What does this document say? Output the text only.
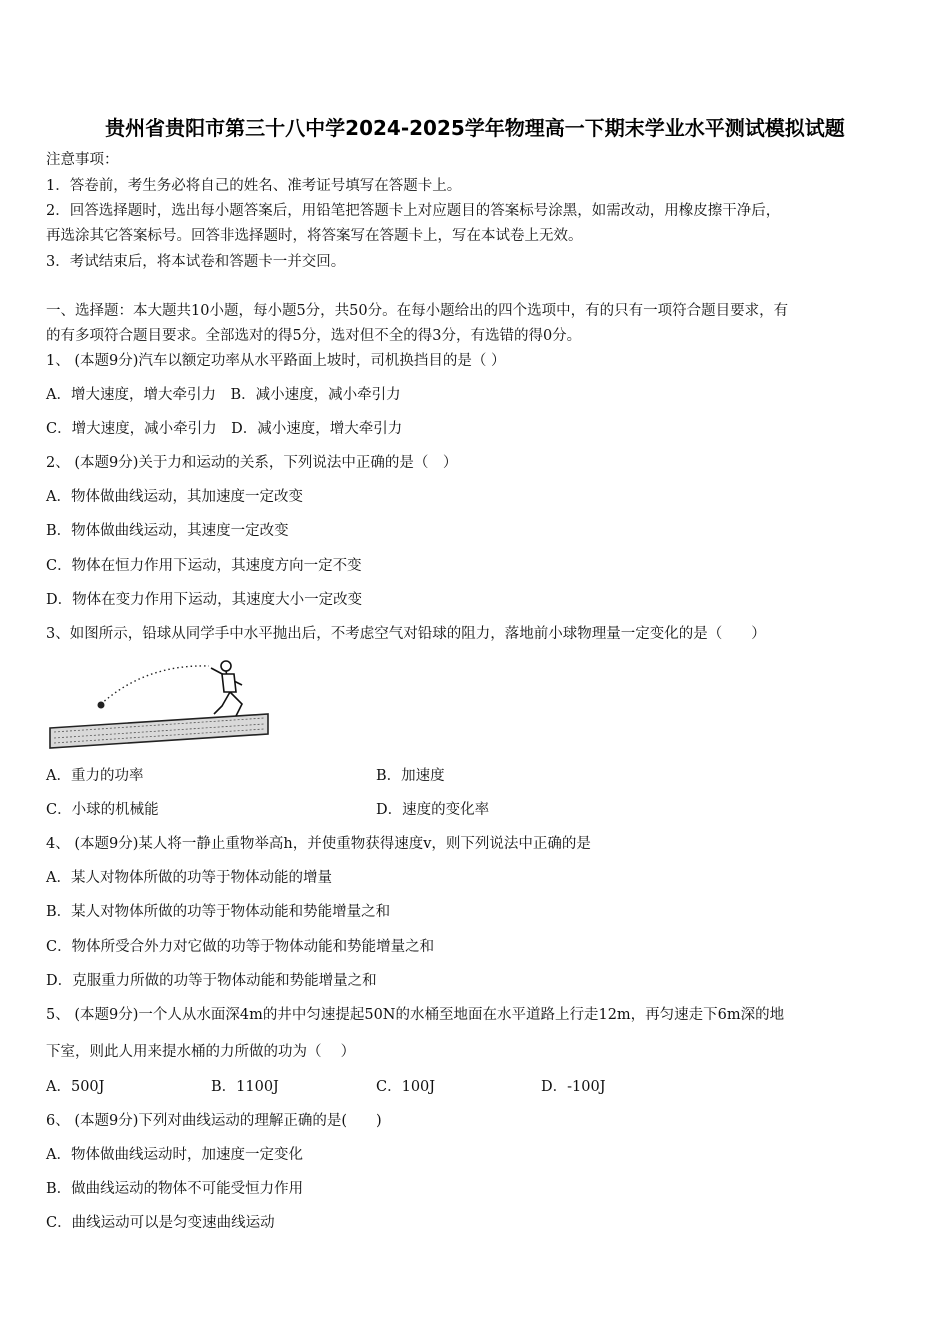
贵州省贵阳市第三十八中学2024-2025学年物理高一下期末学业水平测试模拟试题
注意事项：
1．答卷前，考生务必将自己的姓名、准考证号填写在答题卡上。
2．回答选择题时，选出每小题答案后，用铅笔把答题卡上对应题目的答案标号涂黑，如需改动，用橡皮擦干净后，
再选涂其它答案标号。回答非选择题时，将答案写在答题卡上，写在本试卷上无效。
3．考试结束后，将本试卷和答题卡一并交回。
一、选择题：本大题共10小题，每小题5分，共50分。在每小题给出的四个选项中，有的只有一项符合题目要求，有
的有多项符合题目要求。全部选对的得5分，选对但不全的得3分，有选错的得0分。
1、 (本题9分)汽车以额定功率从水平路面上坡时，司机换挡目的是（ ）
A．增大速度，增大牵引力　B．减小速度，减小牵引力
C．增大速度，减小牵引力　D．减小速度，增大牵引力
2、 (本题9分)关于力和运动的关系，下列说法中正确的是（　）
A．物体做曲线运动，其加速度一定改变
B．物体做曲线运动，其速度一定改变
C．物体在恒力作用下运动，其速度方向一定不变
D．物体在变力作用下运动，其速度大小一定改变
3、如图所示，铅球从同学手中水平抛出后，不考虑空气对铅球的阻力，落地前小球物理量一定变化的是（　　）
A．重力的功率	B．加速度
C．小球的机械能	D．速度的变化率
4、 (本题9分)某人将一静止重物举高h，并使重物获得速度v，则下列说法中正确的是
A．某人对物体所做的功等于物体动能的增量
B．某人对物体所做的功等于物体动能和势能增量之和
C．物体所受合外力对它做的功等于物体动能和势能增量之和
D．克服重力所做的功等于物体动能和势能增量之和
5、 (本题9分)一个人从水面深4m的井中匀速提起50N的水桶至地面在水平道路上行走12m，再匀速走下6m深的地
下室，则此人用来提水桶的力所做的功为（　 ）
A．500J	B．1100J	C．100J	D．-100J
6、 (本题9分)下列对曲线运动的理解正确的是(　　)
A．物体做曲线运动时，加速度一定变化
B．做曲线运动的物体不可能受恒力作用
C．曲线运动可以是匀变速曲线运动
